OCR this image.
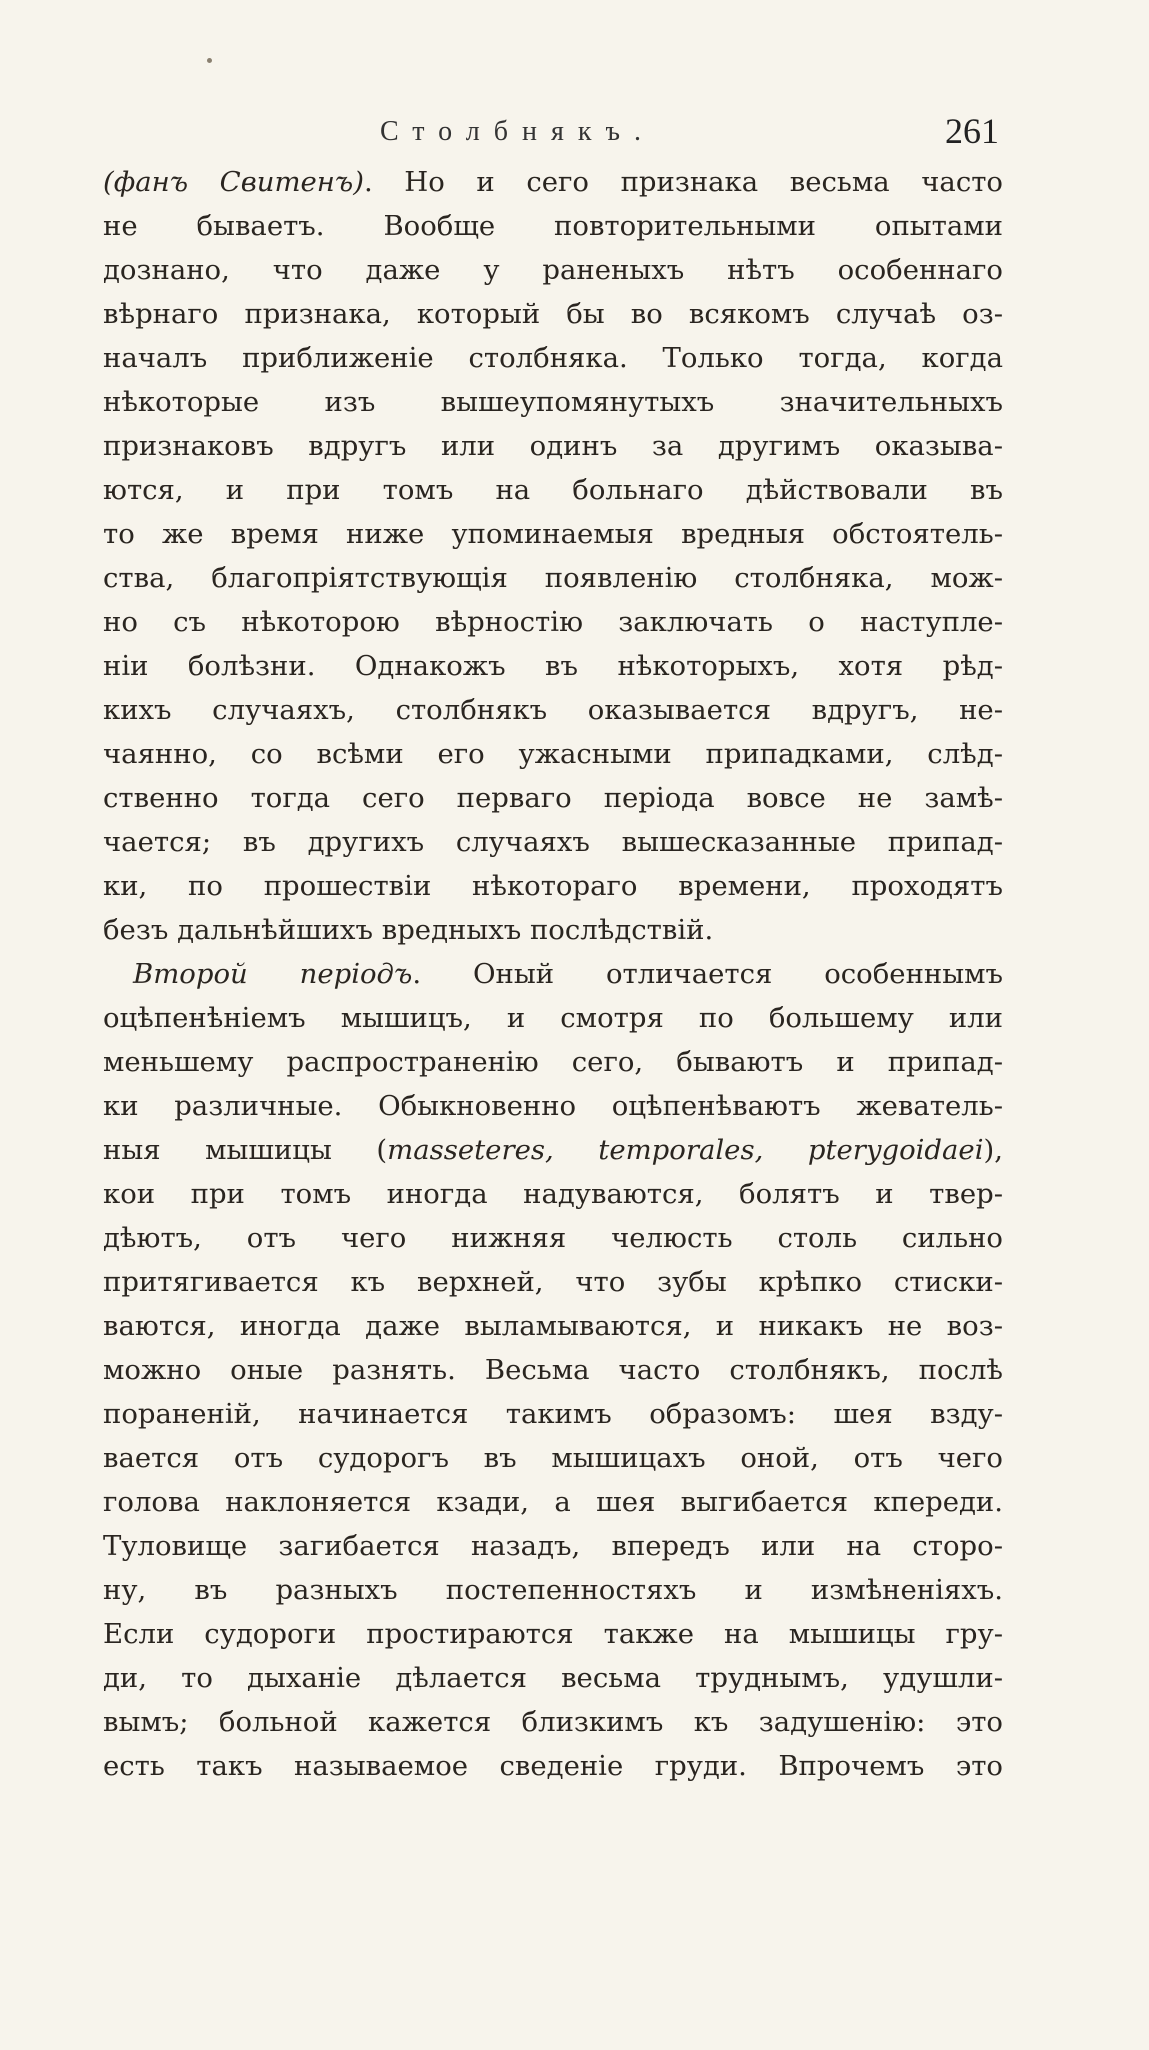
Столбнякъ.	261
(фанъ Свитенъ). Но и сего признака весьма часто
не бываетъ. Вообще повторительными опытами
дознано, что даже у раненыхъ нѣтъ особеннаго
вѣрнаго признака, который бы во всякомъ случаѣ оз-
началъ приближеніе столбняка. Только тогда, когда
нѣкоторые изъ вышеупомянутыхъ значительныхъ
признаковъ вдругъ или одинъ за другимъ оказыва-
ются, и при томъ на больнаго дѣйствовали въ
то же время ниже упоминаемыя вредныя обстоятель-
ства, благопріятствующія появленію столбняка, мож-
но съ нѣкоторою вѣрностію заключать о наступле-
ніи болѣзни. Однакожъ въ нѣкоторыхъ, хотя рѣд-
кихъ случаяхъ, столбнякъ оказывается вдругъ, не-
чаянно, со всѣми его ужасными припадками, слѣд-
ственно тогда сего перваго періода вовсе не замѣ-
чается; въ другихъ случаяхъ вышесказанные припад-
ки, по прошествіи нѣкотораго времени, проходятъ
безъ дальнѣйшихъ вредныхъ послѣдствій.
Второй періодъ. Оный отличается особеннымъ
оцѣпенѣніемъ мышицъ, и смотря по большему или
меньшему распространенію сего, бываютъ и припад-
ки различные. Обыкновенно оцѣпенѣваютъ жеватель-
ныя мышицы (masseteres, temporales, pterygoidaei),
кои при томъ иногда надуваются, болятъ и твер-
дѣютъ, отъ чего нижняя челюсть столь сильно
притягивается къ верхней, что зубы крѣпко стиски-
ваются, иногда даже выламываются, и никакъ не воз-
можно оные разнять. Весьма часто столбнякъ, послѣ
пораненій, начинается такимъ образомъ: шея взду-
вается отъ судорогъ въ мышицахъ оной, отъ чего
голова наклоняется кзади, а шея выгибается кпереди.
Туловище загибается назадъ, впередъ или на сторо-
ну, въ разныхъ постепенностяхъ и измѣненіяхъ.
Если судороги простираются также на мышицы гру-
ди, то дыханіе дѣлается весьма труднымъ, удушли-
вымъ; больной кажется близкимъ къ задушенію: это
есть такъ называемое сведеніе груди. Впрочемъ это
